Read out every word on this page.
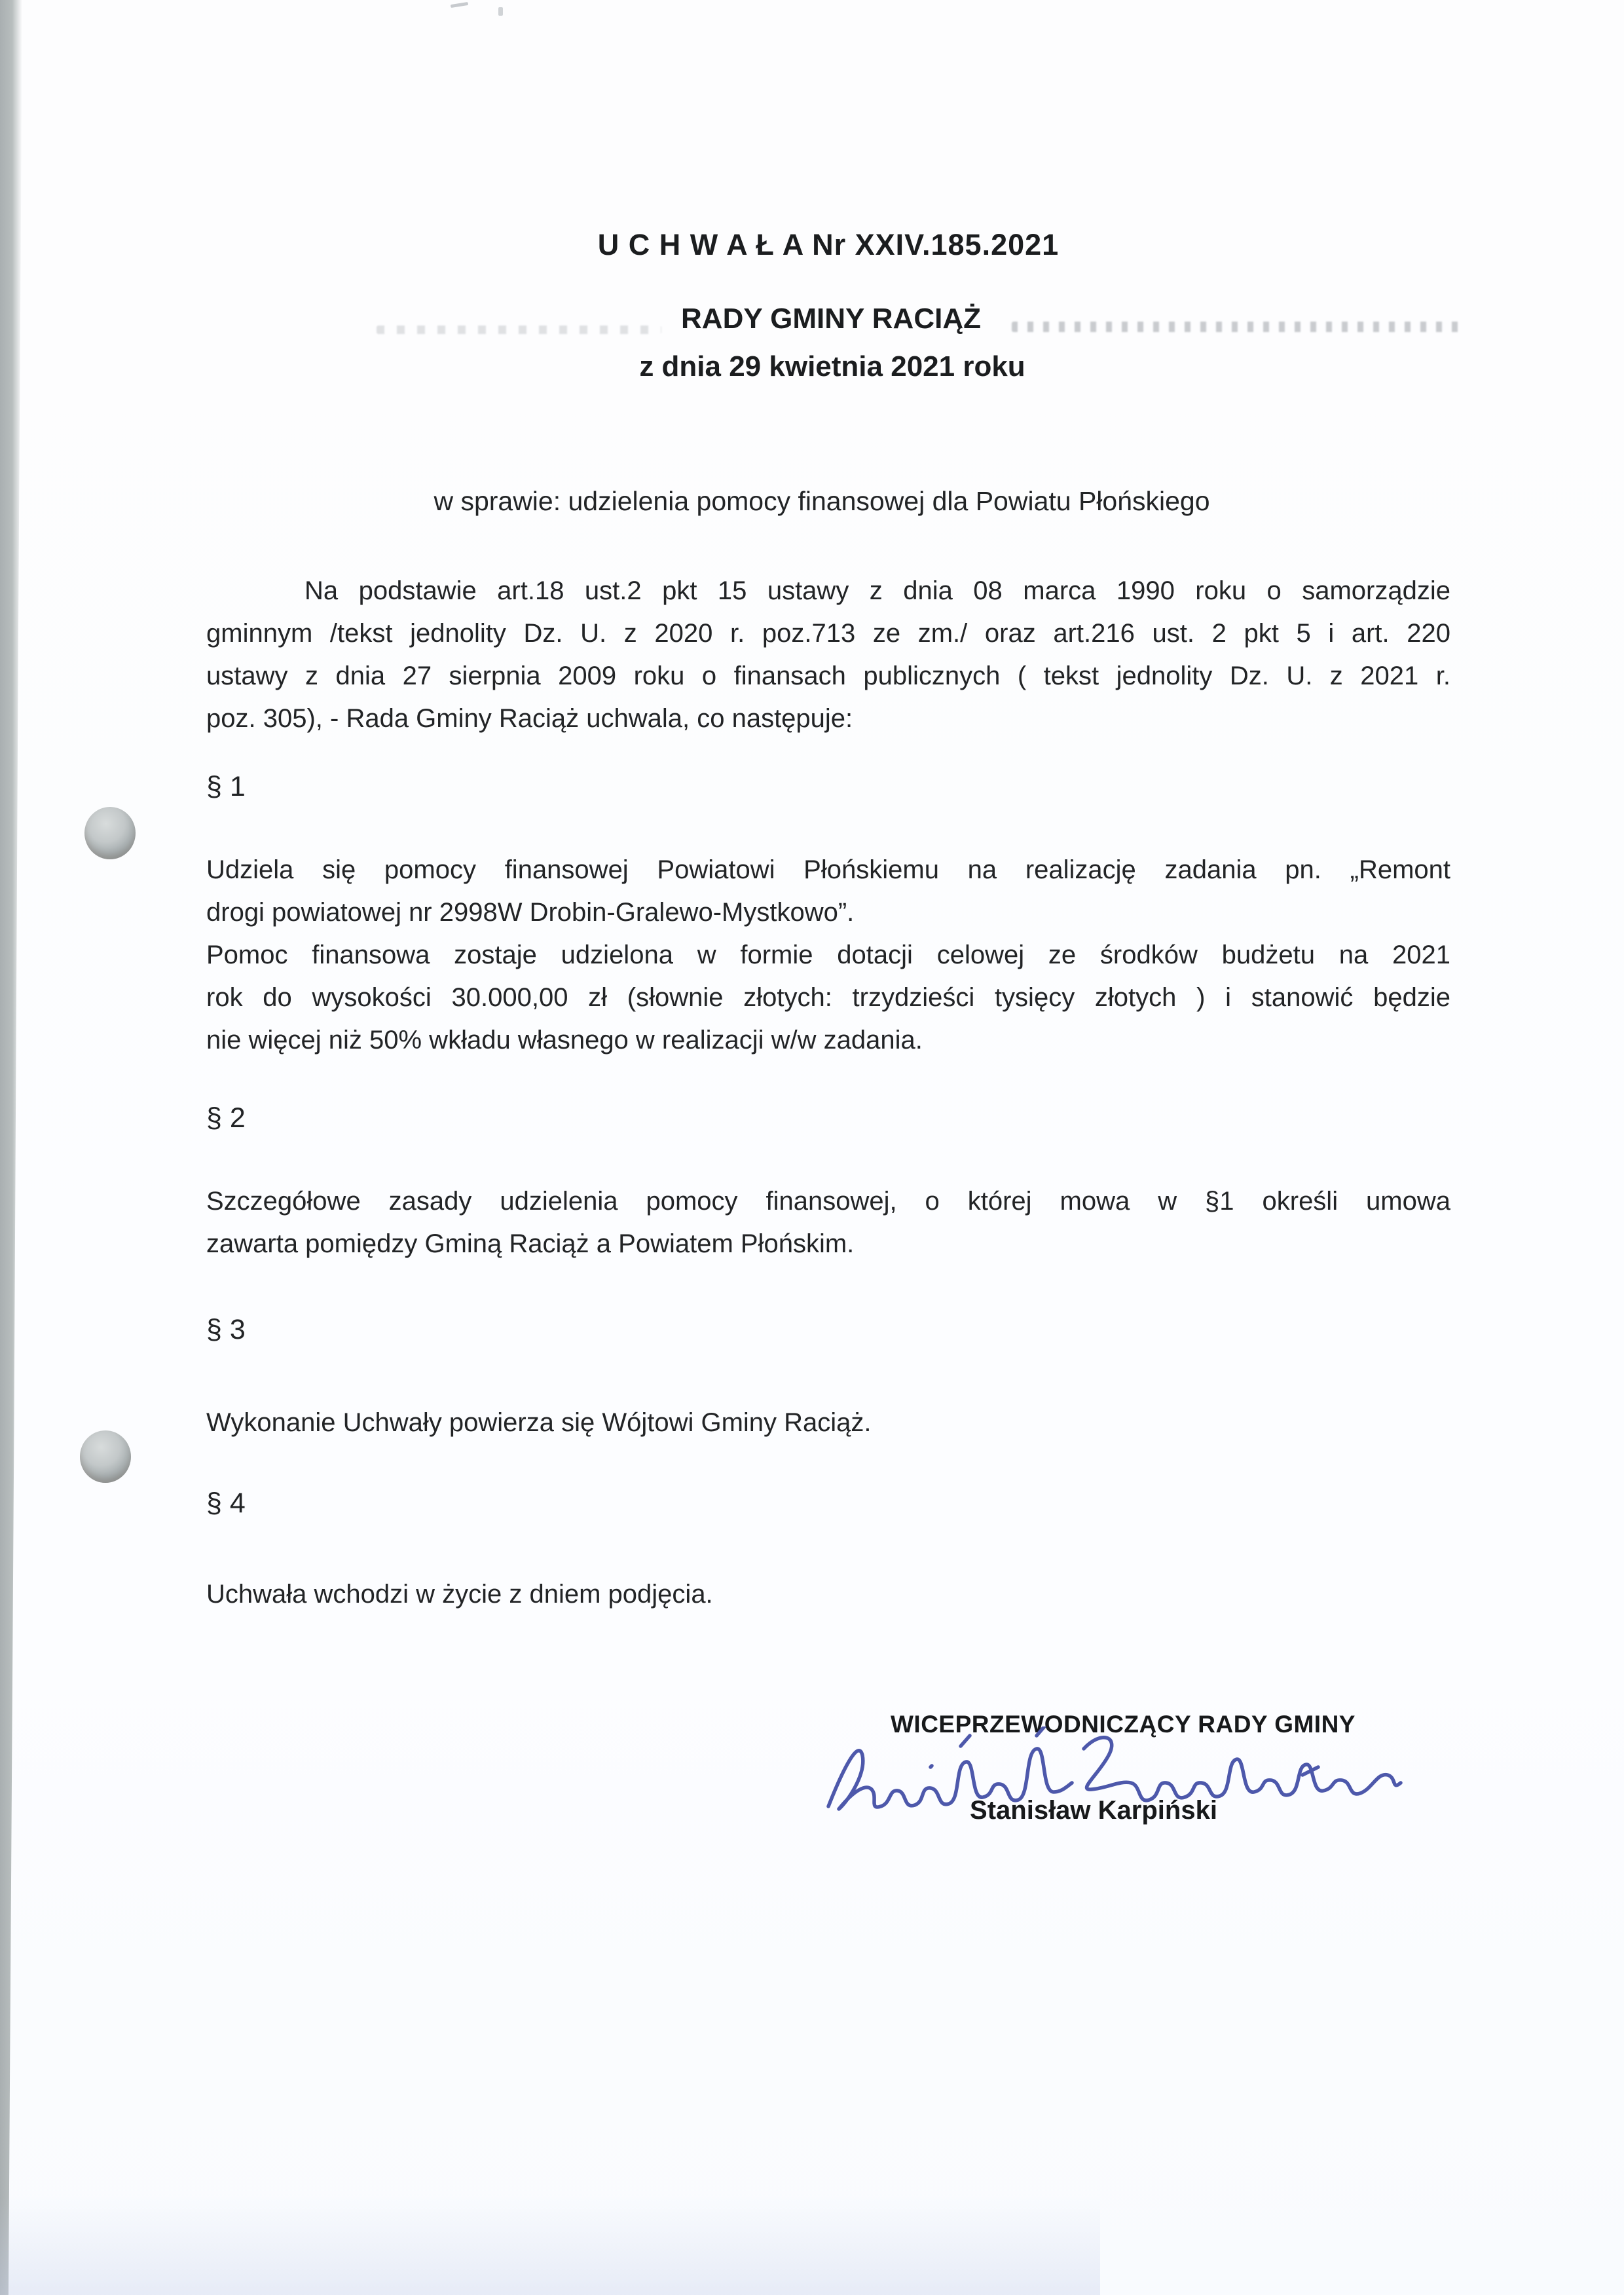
U C H W A Ł A Nr XXIV.185.2021
RADY GMINY RACIĄŻ
z dnia 29 kwietnia 2021 roku
w sprawie: udzielenia pomocy finansowej dla Powiatu Płońskiego
Na podstawie art.18 ust.2 pkt 15 ustawy z dnia 08 marca 1990 roku o samorządzie
gminnym /tekst jednolity Dz. U. z 2020 r. poz.713 ze zm./ oraz art.216 ust. 2 pkt 5 i art. 220
ustawy z dnia 27 sierpnia 2009 roku o finansach publicznych ( tekst jednolity Dz. U. z 2021 r.
poz. 305), - Rada Gminy Raciąż uchwala, co następuje:
§ 1
Udziela się pomocy finansowej Powiatowi Płońskiemu na realizację zadania pn. „Remont
drogi powiatowej nr 2998W Drobin-Gralewo-Mystkowo”.
Pomoc finansowa zostaje udzielona w formie dotacji celowej ze środków budżetu na 2021
rok do wysokości 30.000,00 zł (słownie złotych: trzydzieści tysięcy złotych ) i stanowić będzie
nie więcej niż 50% wkładu własnego w realizacji w/w zadania.
§ 2
Szczegółowe zasady udzielenia pomocy finansowej, o której mowa w §1 określi umowa
zawarta pomiędzy Gminą Raciąż a Powiatem Płońskim.
§ 3
Wykonanie Uchwały powierza się Wójtowi Gminy Raciąż.
§ 4
Uchwała wchodzi w życie z dniem podjęcia.
WICEPRZEWODNICZĄCY RADY GMINY
Stanisław Karpiński
